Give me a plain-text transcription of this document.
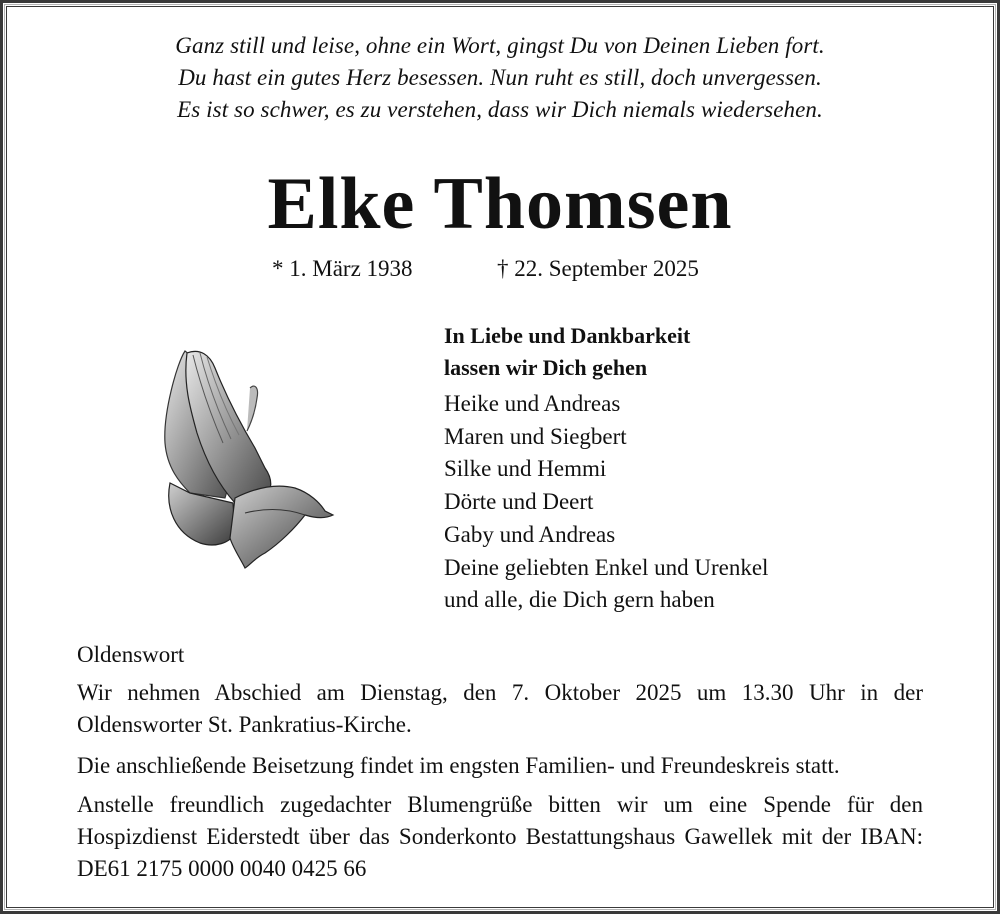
Ganz still und leise, ohne ein Wort, gingst Du von Deinen Lieben fort.
Du hast ein gutes Herz besessen. Nun ruht es still, doch unvergessen.
Es ist so schwer, es zu verstehen, dass wir Dich niemals wiedersehen.
Elke Thomsen
* 1. März 1938	† 22. September 2025
In Liebe und Dankbarkeit
lassen wir Dich gehen
Heike und Andreas
Maren und Siegbert
Silke und Hemmi
Dörte und Deert
Gaby und Andreas
Deine geliebten Enkel und Urenkel
und alle, die Dich gern haben
Oldenswort
Wir nehmen Abschied am Dienstag, den 7. Oktober 2025 um 13.30 Uhr in der Oldensworter St. Pankratius-Kirche.
Die anschließende Beisetzung findet im engsten Familien- und Freundeskreis statt.
Anstelle freundlich zugedachter Blumengrüße bitten wir um eine Spende für den Hospizdienst Eiderstedt über das Sonderkonto Bestattungshaus Gawellek mit der IBAN: DE61 2175 0000 0040 0425 66
